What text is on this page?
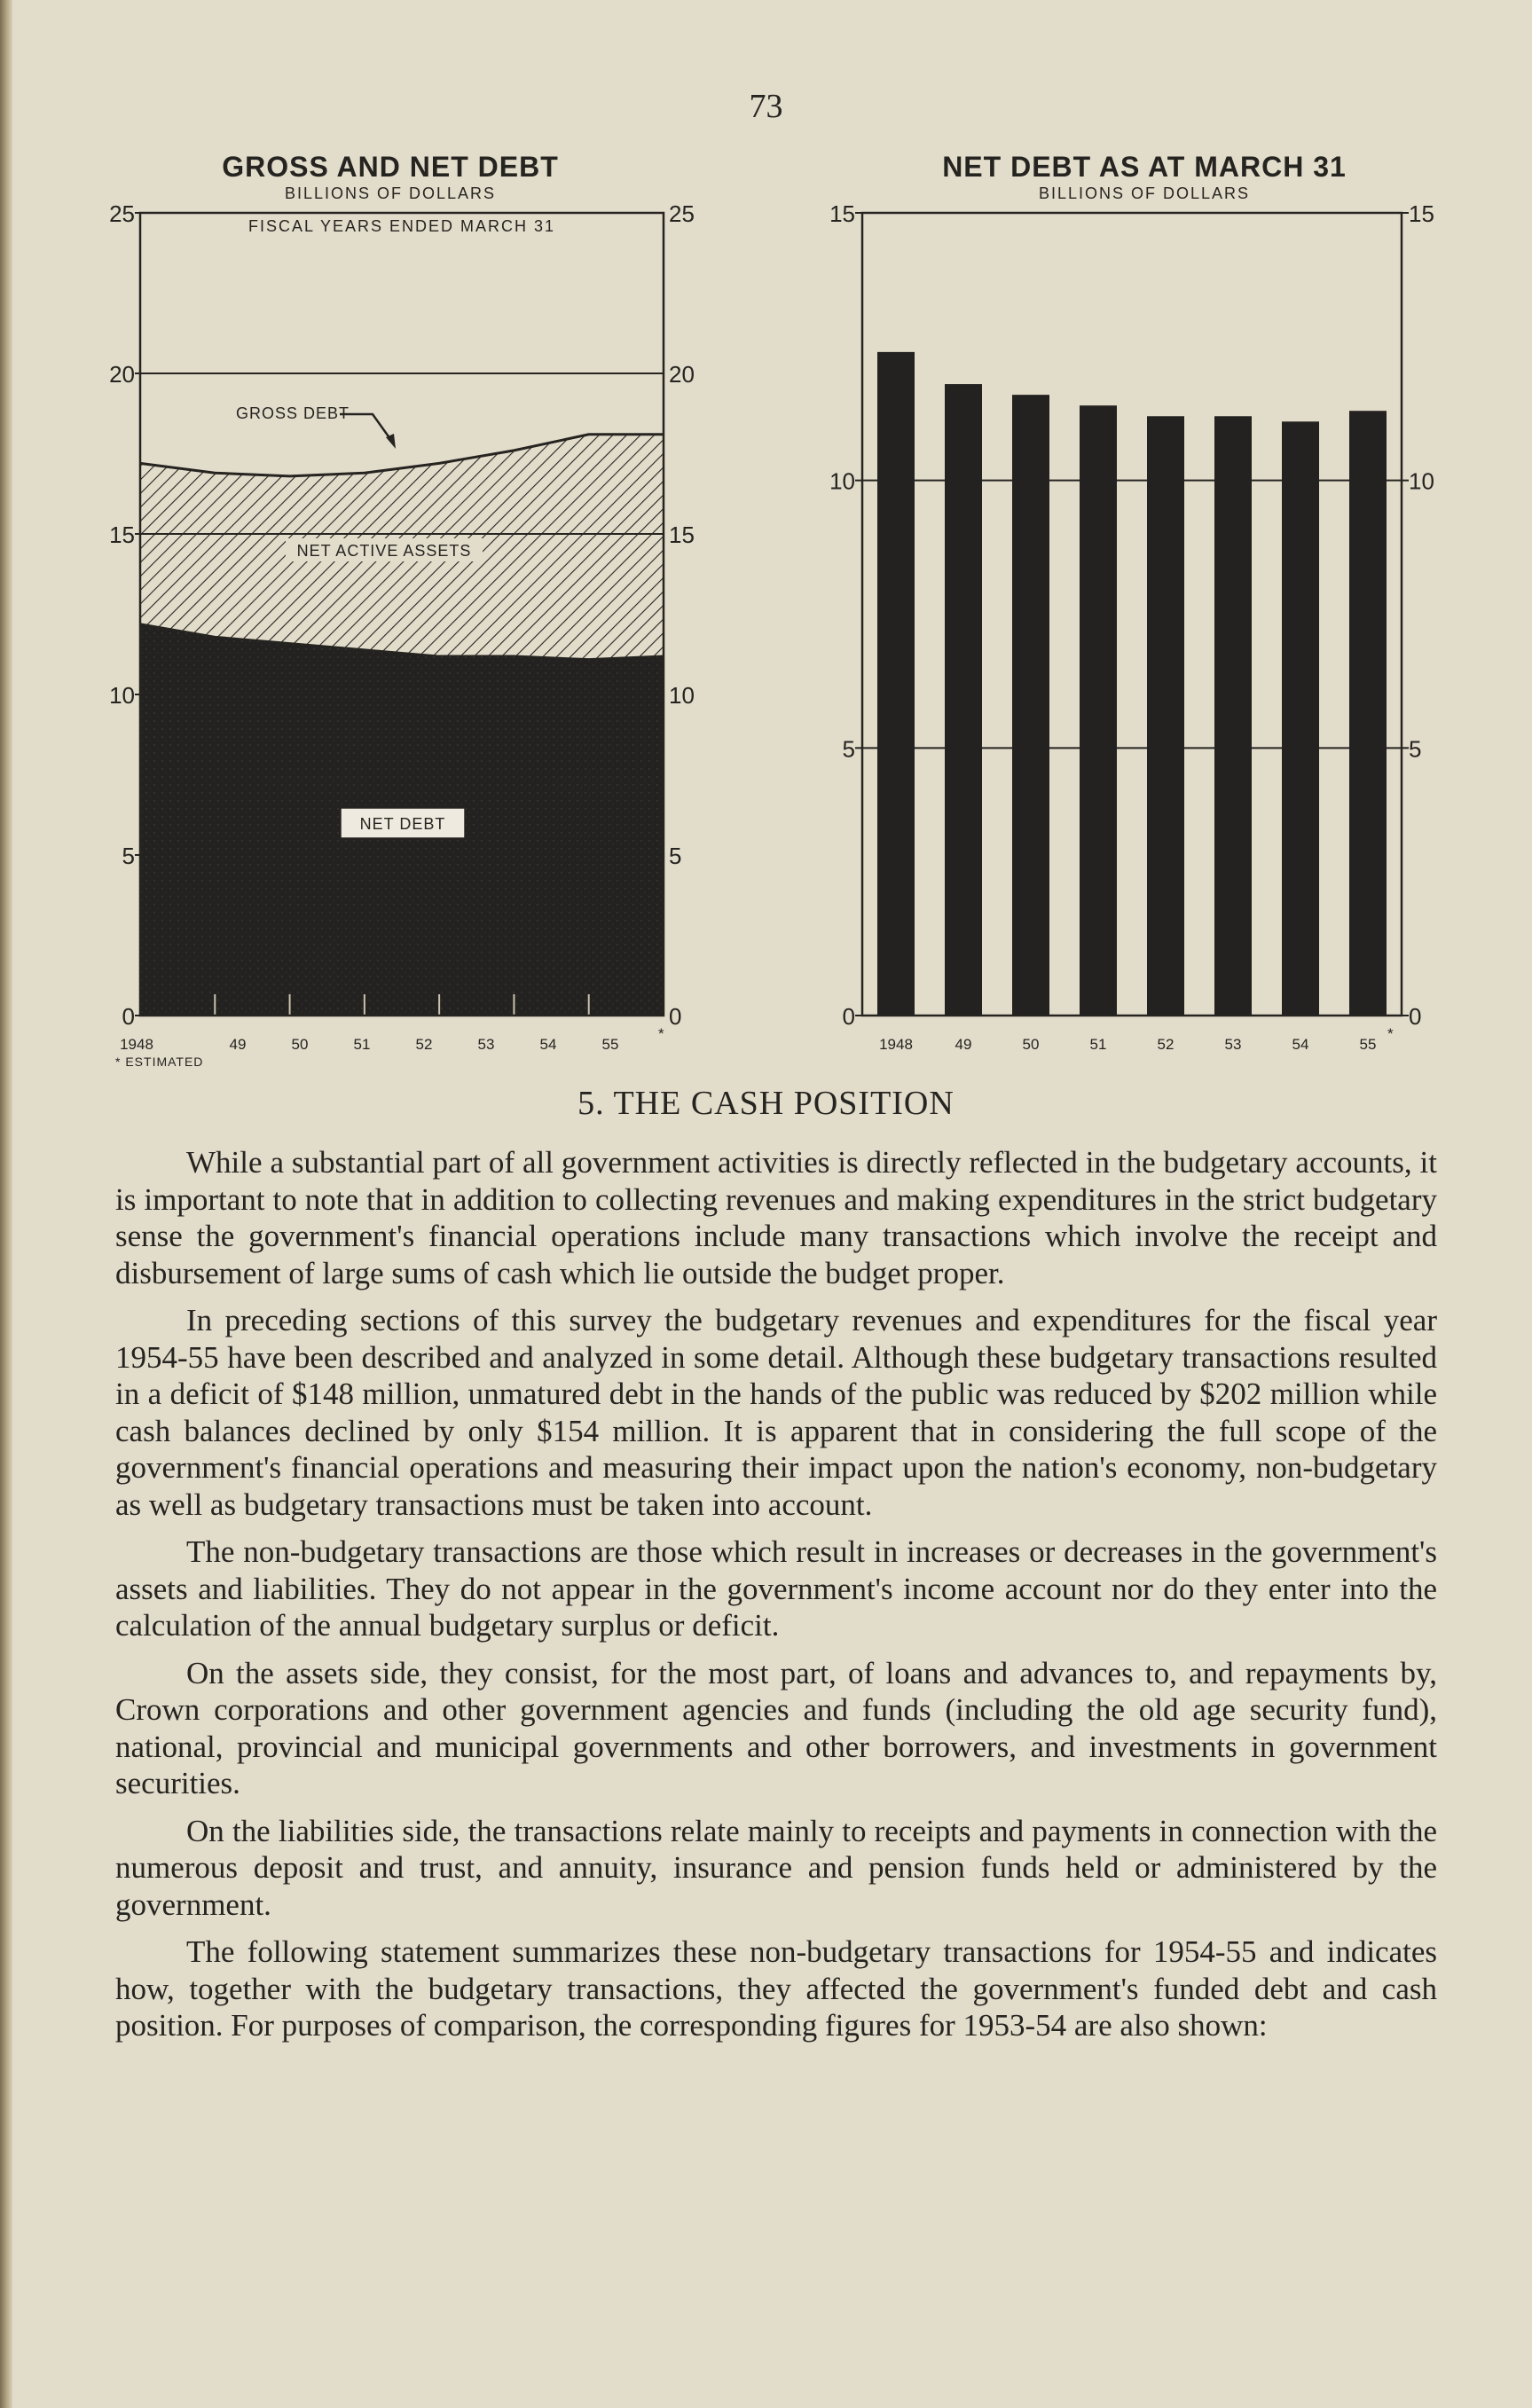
73
GROSS AND NET DEBT
BILLIONS OF DOLLARS
FISCAL YEARS ENDED MARCH 31
NET ACTIVE ASSETS
GROSS DEBT
NET DEBT
* ESTIMATED
0	0
5	5
10	10
15	15
20	20
25	25
1948	49	50	51	52	53	54	55
*
NET DEBT AS AT MARCH 31
BILLIONS OF DOLLARS
1948	49	50	51	52	53	54	55
*
0	0
5	5
10	10
15	15
5. THE CASH POSITION

While a substantial part of all government activities is directly reflected in the budgetary accounts, it is important to note that in addition to collecting revenues and making expenditures in the strict budgetary sense the government's financial operations include many transactions which involve the receipt and disbursement of large sums of cash which lie outside the budget proper.

In preceding sections of this survey the budgetary revenues and expenditures for the fiscal year 1954-55 have been described and analyzed in some detail. Although these budgetary transactions resulted in a deficit of $148 million, unmatured debt in the hands of the public was reduced by $202 million while cash balances declined by only $154 million. It is apparent that in considering the full scope of the government's financial operations and measuring their impact upon the nation's economy, non-budgetary as well as budgetary transactions must be taken into account.

The non-budgetary transactions are those which result in increases or decreases in the government's assets and liabilities. They do not appear in the government's income account nor do they enter into the calculation of the annual budgetary surplus or deficit.

On the assets side, they consist, for the most part, of loans and advances to, and repayments by, Crown corporations and other government agencies and funds (including the old age security fund), national, provincial and municipal governments and other borrowers, and investments in government securities.

On the liabilities side, the transactions relate mainly to receipts and payments in connection with the numerous deposit and trust, and annuity, insurance and pension funds held or administered by the government.

The following statement summarizes these non-budgetary transactions for 1954-55 and indicates how, together with the budgetary transactions, they affected the government's funded debt and cash position. For purposes of comparison, the corresponding figures for 1953-54 are also shown:
